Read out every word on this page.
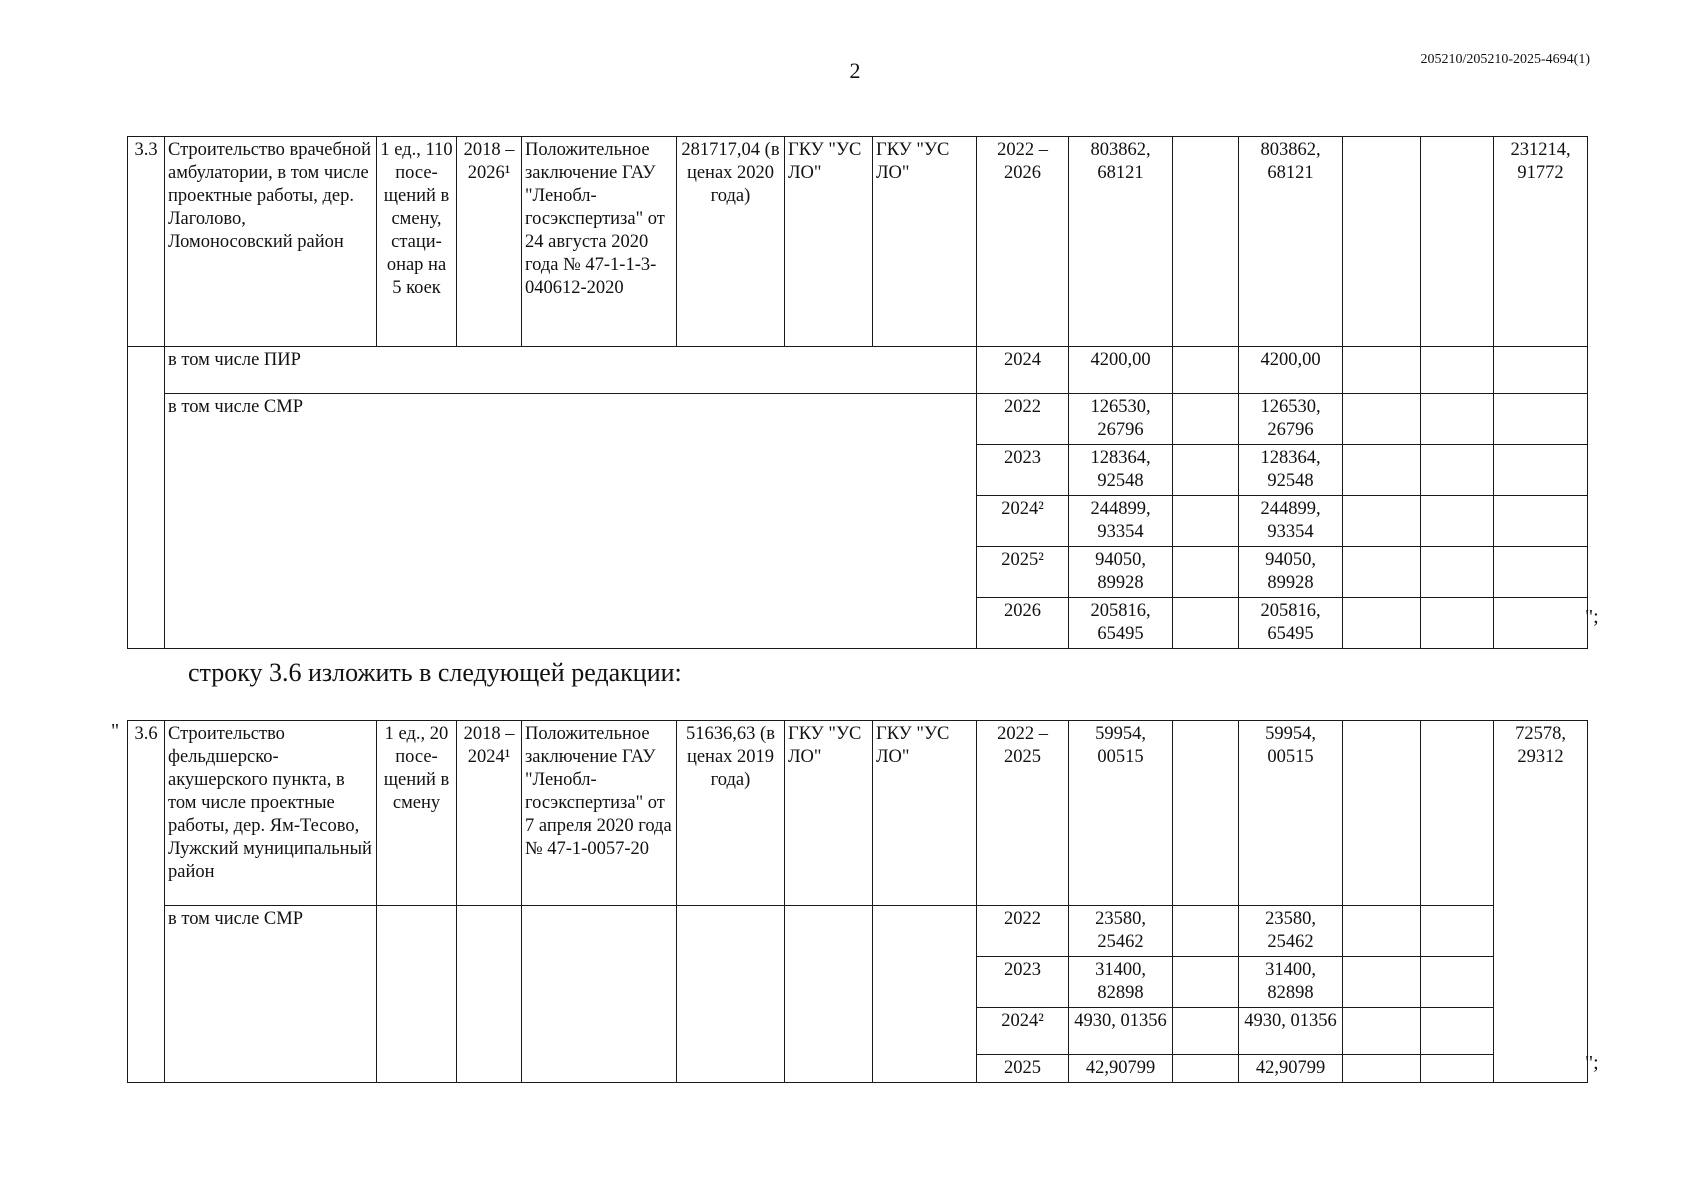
2	205210/205210-2025-4694(1)
3.3	Строительство врачебной амбулатории, в том числе проектные работы, дер. Лаголово, Ломоносовский район	1 ед., 110 посе-щений в смену, стаци-онар на 5 коек	2018 – 2026¹	Положительное заключение ГАУ "Ленобл-госэкспертиза" от 24 августа 2020 года № 47-1-1-3-040612-2020	281717,04 (в ценах 2020 года)	ГКУ "УС ЛО"	ГКУ "УС ЛО"	2022 – 2026	803862, 68121		803862, 68121			231214, 91772
	в том числе ПИР							2024	4200,00		4200,00			
	в том числе СМР							2022	126530, 26796		126530, 26796			
								2023	128364, 92548		128364, 92548			
								2024²	244899, 93354		244899, 93354			
								2025²	94050, 89928		94050, 89928			
								2026	205816, 65495		205816, 65495			
";
строку 3.6 изложить в следующей редакции:
" 3.6	Строительство фельдшерско-акушерского пункта, в том числе проектные работы, дер. Ям-Тесово, Лужский муниципальный район	1 ед., 20 посе-щений в смену	2018 – 2024¹	Положительное заключение ГАУ "Ленобл-госэкспертиза" от 7 апреля 2020 года № 47-1-0057-20	51636,63 (в ценах 2019 года)	ГКУ "УС ЛО"	ГКУ "УС ЛО"	2022 – 2025	59954, 00515		59954, 00515			72578, 29312
	в том числе СМР							2022	23580, 25462		23580, 25462			
								2023	31400, 82898		31400, 82898			
								2024²	4930, 01356		4930, 01356			
								2025	42,90799		42,90799				";
